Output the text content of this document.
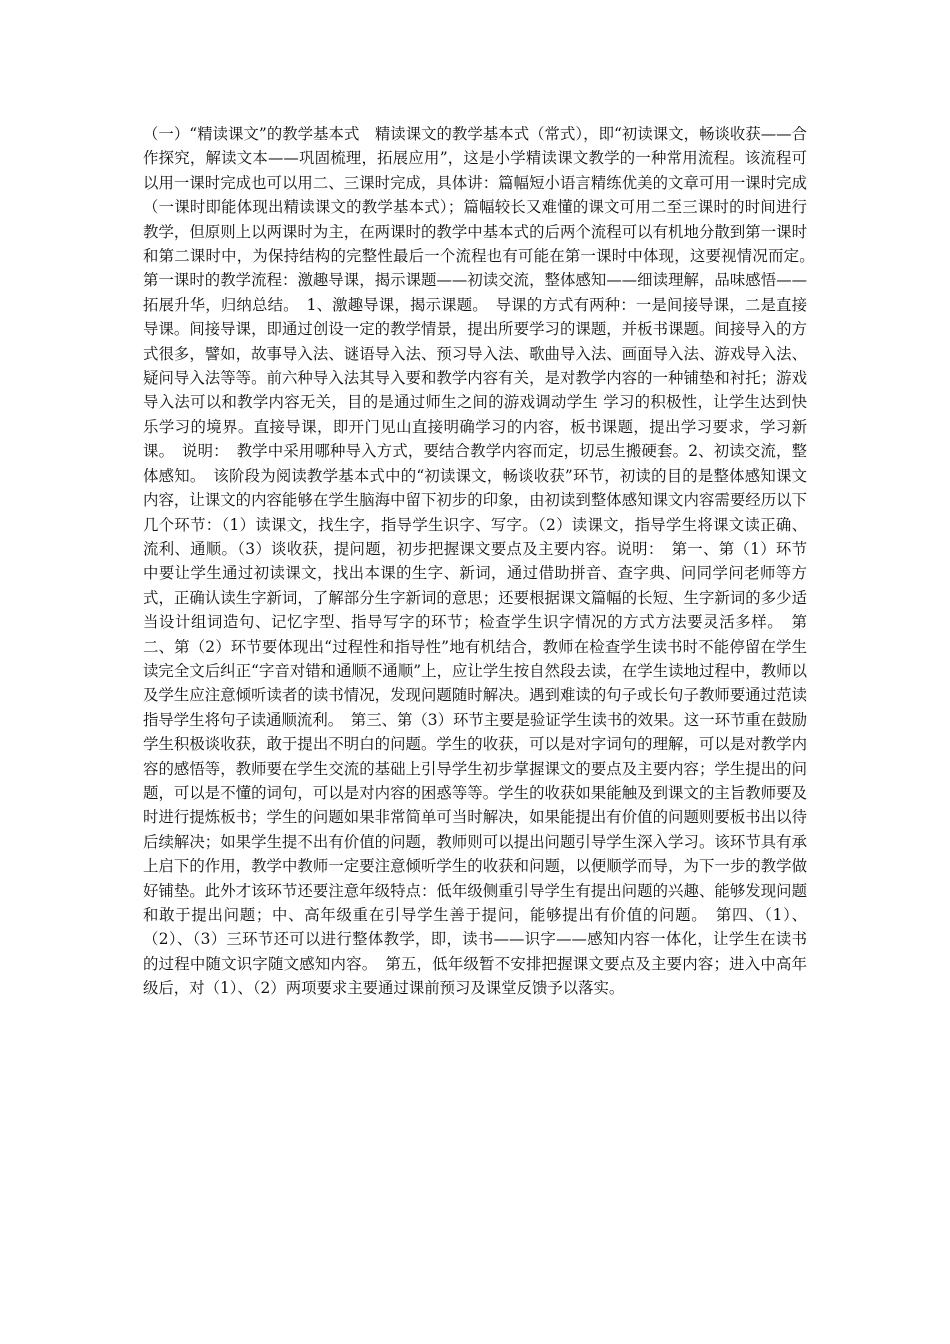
（一）“精读课文”的教学基本式　精读课文的教学基本式（常式），即“初读课文，畅谈收获——合作探究，解读文本——巩固梳理，拓展应用”，这是小学精读课文教学的一种常用流程。该流程可以用一课时完成也可以用二、三课时完成，具体讲：篇幅短小语言精练优美的文章可用一课时完成（一课时即能体现出精读课文的教学基本式）；篇幅较长又难懂的课文可用二至三课时的时间进行教学，但原则上以两课时为主，在两课时的教学中基本式的后两个流程可以有机地分散到第一课时和第二课时中，为保持结构的完整性最后一个流程也有可能在第一课时中体现，这要视情况而定。　第一课时的教学流程：激趣导课，揭示课题——初读交流，整体感知——细读理解，品味感悟——拓展升华，归纳总结。　1、激趣导课，揭示课题。　导课的方式有两种：一是间接导课，二是直接导课。间接导课，即通过创设一定的教学情景，提出所要学习的课题，并板书课题。间接导入的方式很多，譬如，故事导入法、谜语导入法、预习导入法、歌曲导入法、画面导入法、游戏导入法、疑问导入法等等。前六种导入法其导入要和教学内容有关，是对教学内容的一种铺垫和衬托；游戏导入法可以和教学内容无关，目的是通过师生之间的游戏调动学生 学习的积极性，让学生达到快乐学习的境界。直接导课，即开门见山直接明确学习的内容，板书课题，提出学习要求，学习新课。　说明：　教学中采用哪种导入方式，要结合教学内容而定，切忌生搬硬套。2、初读交流，整体感知。　该阶段为阅读教学基本式中的“初读课文，畅谈收获”环节，初读的目的是整体感知课文内容，让课文的内容能够在学生脑海中留下初步的印象，由初读到整体感知课文内容需要经历以下几个环节：（1）读课文，找生字，指导学生识字、写字。（2）读课文，指导学生将课文读正确、流利、通顺。（3）谈收获，提问题，初步把握课文要点及主要内容。说明：　第一、第（1）环节中要让学生通过初读课文，找出本课的生字、新词，通过借助拼音、查字典、问同学问老师等方式，正确认读生字新词，了解部分生字新词的意思；还要根据课文篇幅的长短、生字新词的多少适当设计组词造句、记忆字型、指导写字的环节；检查学生识字情况的方式方法要灵活多样。　第二、第（2）环节要体现出“过程性和指导性”地有机结合，教师在检查学生读书时不能停留在学生读完全文后纠正“字音对错和通顺不通顺”上，应让学生按自然段去读，在学生读地过程中，教师以及学生应注意倾听读者的读书情况，发现问题随时解决。遇到难读的句子或长句子教师要通过范读指导学生将句子读通顺流利。　第三、第（3）环节主要是验证学生读书的效果。这一环节重在鼓励学生积极谈收获，敢于提出不明白的问题。学生的收获，可以是对字词句的理解，可以是对教学内容的感悟等，教师要在学生交流的基础上引导学生初步掌握课文的要点及主要内容；学生提出的问题，可以是不懂的词句，可以是对内容的困惑等等。学生的收获如果能触及到课文的主旨教师要及时进行提炼板书；学生的问题如果非常简单可当时解决，如果能提出有价值的问题则要板书出以待后续解决；如果学生提不出有价值的问题，教师则可以提出问题引导学生深入学习。该环节具有承上启下的作用，教学中教师一定要注意倾听学生的收获和问题，以便顺学而导，为下一步的教学做好铺垫。此外才该环节还要注意年级特点：低年级侧重引导学生有提出问题的兴趣、能够发现问题和敢于提出问题；中、高年级重在引导学生善于提问，能够提出有价值的问题。　第四、（1）、（2）、（3）三环节还可以进行整体教学，即，读书——识字——感知内容一体化，让学生在读书的过程中随文识字随文感知内容。　第五，低年级暂不安排把握课文要点及主要内容；进入中高年级后，对（1）、（2）两项要求主要通过课前预习及课堂反馈予以落实。
